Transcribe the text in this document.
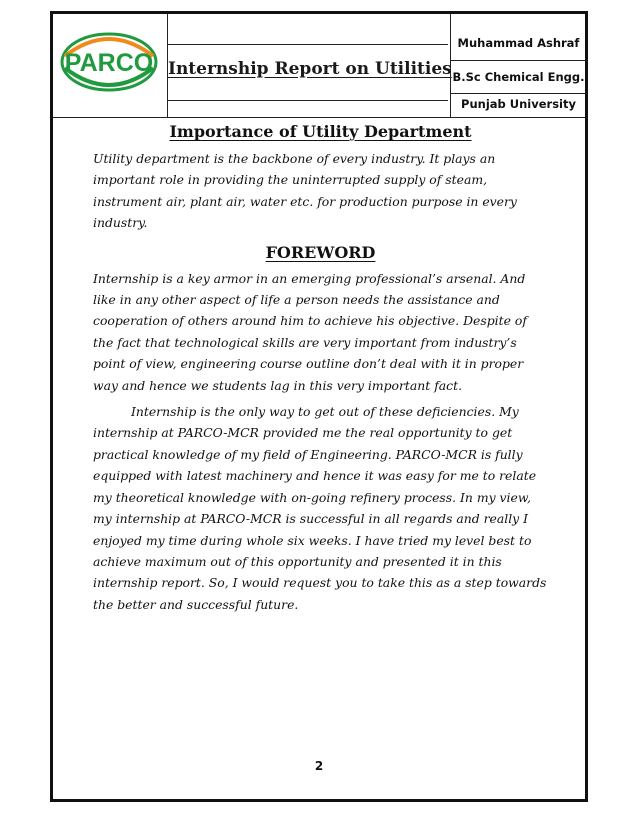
PARCO Internship Report on Utilities
Muhammad Ashraf
B.Sc Chemical Engg.
Punjab University

Importance of Utility Department

Utility department is the backbone of every industry. It plays an important role in providing the uninterrupted supply of steam, instrument air, plant air, water etc. for production purpose in every industry.

FOREWORD

Internship is a key armor in an emerging professional’s arsenal. And like in any other aspect of life a person needs the assistance and cooperation of others around him to achieve his objective. Despite of the fact that technological skills are very important from industry’s point of view, engineering course outline don’t deal with it in proper way and hence we students lag in this very important fact.

Internship is the only way to get out of these deficiencies. My internship at PARCO-MCR provided me the real opportunity to get practical knowledge of my field of Engineering. PARCO-MCR is fully equipped with latest machinery and hence it was easy for me to relate my theoretical knowledge with on-going refinery process. In my view, my internship at PARCO-MCR is successful in all regards and really I enjoyed my time during whole six weeks. I have tried my level best to achieve maximum out of this opportunity and presented it in this internship report. So, I would request you to take this as a step towards the better and successful future.

2
